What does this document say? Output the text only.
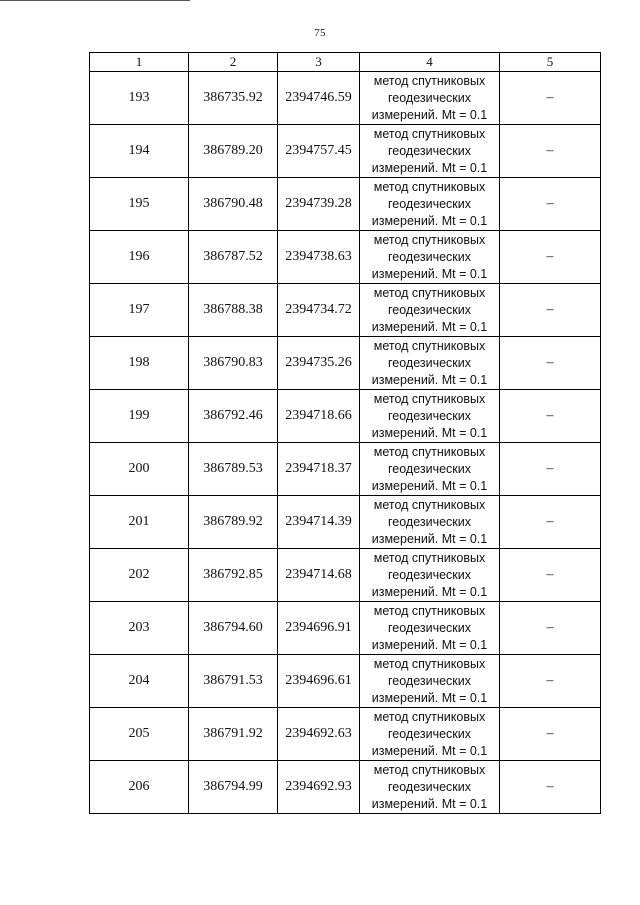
75
1	2	3	4	5
193	386735.92	2394746.59	метод спутниковых
геодезических
измерений. Mt = 0.1	–
194	386789.20	2394757.45	метод спутниковых
геодезических
измерений. Mt = 0.1	–
195	386790.48	2394739.28	метод спутниковых
геодезических
измерений. Mt = 0.1	–
196	386787.52	2394738.63	метод спутниковых
геодезических
измерений. Mt = 0.1	–
197	386788.38	2394734.72	метод спутниковых
геодезических
измерений. Mt = 0.1	–
198	386790.83	2394735.26	метод спутниковых
геодезических
измерений. Mt = 0.1	–
199	386792.46	2394718.66	метод спутниковых
геодезических
измерений. Mt = 0.1	–
200	386789.53	2394718.37	метод спутниковых
геодезических
измерений. Mt = 0.1	–
201	386789.92	2394714.39	метод спутниковых
геодезических
измерений. Mt = 0.1	–
202	386792.85	2394714.68	метод спутниковых
геодезических
измерений. Mt = 0.1	–
203	386794.60	2394696.91	метод спутниковых
геодезических
измерений. Mt = 0.1	–
204	386791.53	2394696.61	метод спутниковых
геодезических
измерений. Mt = 0.1	–
205	386791.92	2394692.63	метод спутниковых
геодезических
измерений. Mt = 0.1	–
206	386794.99	2394692.93	метод спутниковых
геодезических
измерений. Mt = 0.1	–
